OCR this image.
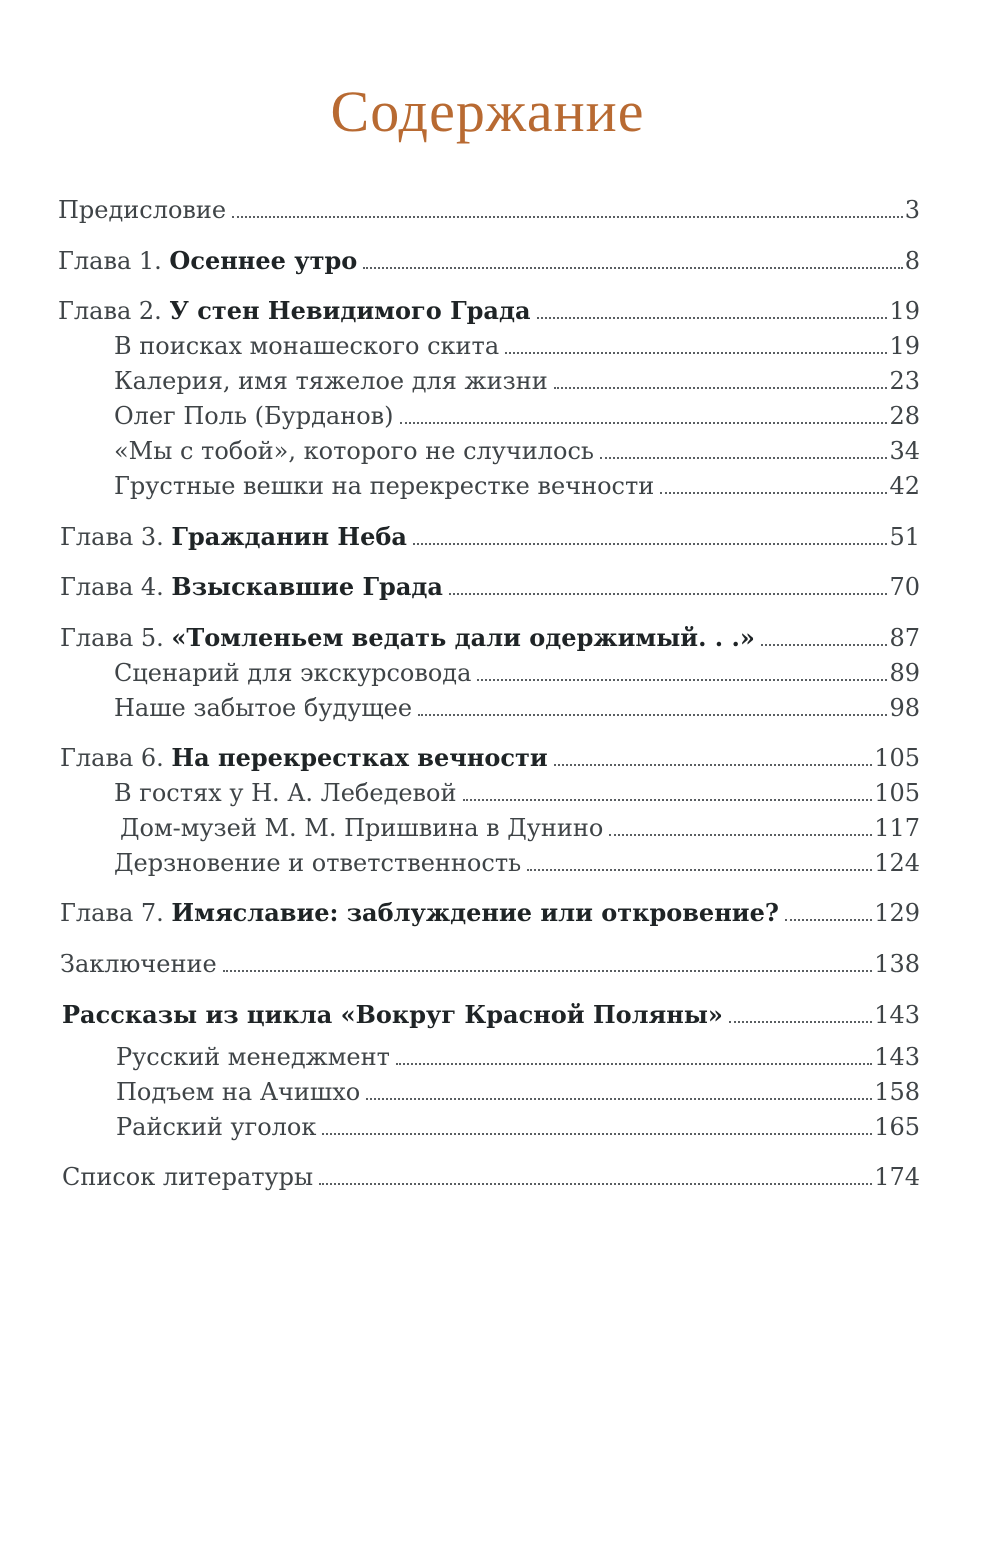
Содержание
Предисловие	3
Глава 1. Осеннее утро	8
Глава 2. У стен Невидимого Града	19
В поисках монашеского скита	19
Калерия, имя тяжелое для жизни	23
Олег Поль (Бурданов)	28
«Мы с тобой», которого не случилось	34
Грустные вешки на перекрестке вечности	42
Глава 3. Гражданин Неба	51
Глава 4. Взыскавшие Града	70
Глава 5. «Томленьем ведать дали одержимый. . .»	87
Сценарий для экскурсовода	89
Наше забытое будущее	98
Глава 6. На перекрестках вечности	105
В гостях у Н. А. Лебедевой	105
Дом-музей М. М. Пришвина в Дунино	117
Дерзновение и ответственность	124
Глава 7. Имяславие: заблуждение или откровение?	129
Заключение	138
Рассказы из цикла «Вокруг Красной Поляны»	143
Русский менеджмент	143
Подъем на Ачишхо	158
Райский уголок	165
Список литературы	174
